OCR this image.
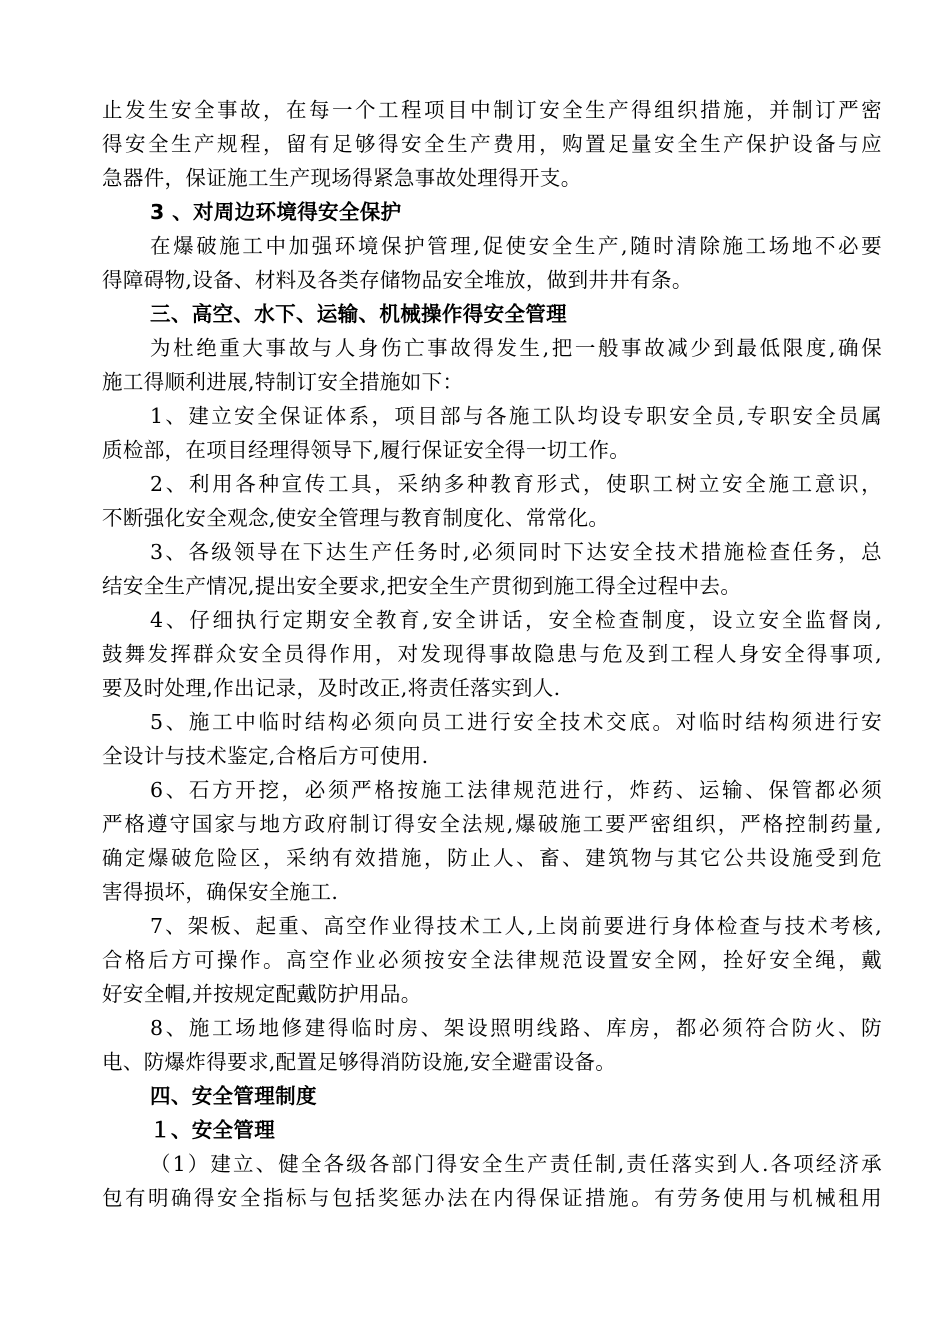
止发生安全事故，在每一个工程项目中制订安全生产得组织措施，并制订严密
得安全生产规程，留有足够得安全生产费用，购置足量安全生产保护设备与应
急器件，保证施工生产现场得紧急事故处理得开支。
3 、对周边环境得安全保护
在爆破施工中加强环境保护管理,促使安全生产,随时清除施工场地不必要
得障碍物,设备、材料及各类存储物品安全堆放，做到井井有条。
三、高空、水下、运输、机械操作得安全管理
为杜绝重大事故与人身伤亡事故得发生,把一般事故减少到最低限度,确保
施工得顺利进展,特制订安全措施如下：
1、建立安全保证体系，项目部与各施工队均设专职安全员,专职安全员属
质检部，在项目经理得领导下,履行保证安全得一切工作。
2、利用各种宣传工具，采纳多种教育形式，使职工树立安全施工意识，
不断强化安全观念,使安全管理与教育制度化、常常化。
3、各级领导在下达生产任务时,必须同时下达安全技术措施检查任务，总
结安全生产情况,提出安全要求,把安全生产贯彻到施工得全过程中去。
4、仔细执行定期安全教育,安全讲话，安全检查制度，设立安全监督岗,
鼓舞发挥群众安全员得作用，对发现得事故隐患与危及到工程人身安全得事项,
要及时处理,作出记录，及时改正,将责任落实到人.
5、施工中临时结构必须向员工进行安全技术交底。对临时结构须进行安
全设计与技术鉴定,合格后方可使用.
6、石方开挖，必须严格按施工法律规范进行，炸药、运输、保管都必须
严格遵守国家与地方政府制订得安全法规,爆破施工要严密组织，严格控制药量,
确定爆破危险区，采纳有效措施，防止人、畜、建筑物与其它公共设施受到危
害得损坏，确保安全施工.
7、架板、起重、高空作业得技术工人,上岗前要进行身体检查与技术考核,
合格后方可操作。高空作业必须按安全法律规范设置安全网，拴好安全绳，戴
好安全帽,并按规定配戴防护用品。
8、施工场地修建得临时房、架设照明线路、库房，都必须符合防火、防
电、防爆炸得要求,配置足够得消防设施,安全避雷设备。
四、安全管理制度
１、安全管理
（1）建立、健全各级各部门得安全生产责任制,责任落实到人.各项经济承
包有明确得安全指标与包括奖惩办法在内得保证措施。有劳务使用与机械租用
